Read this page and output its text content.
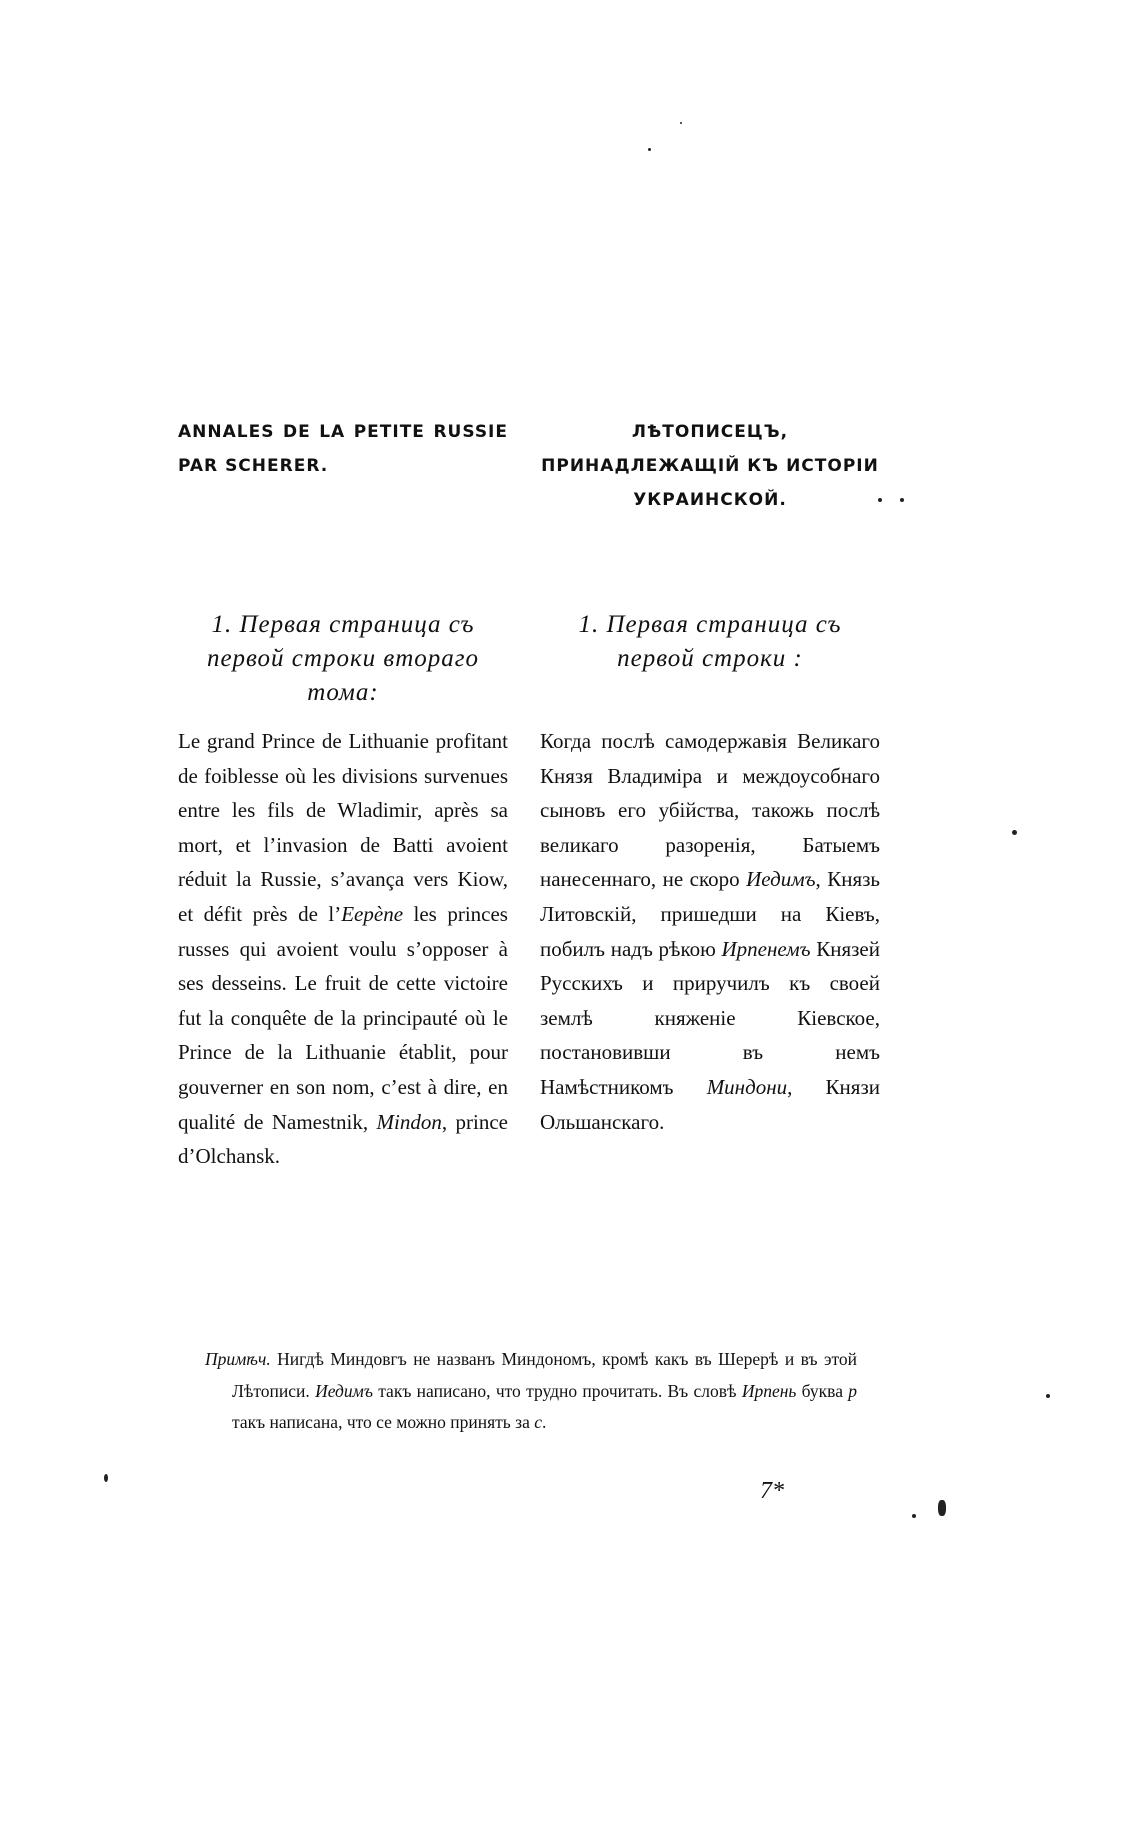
ANNALES DE LA PETITE RUSSIE PAR SCHERER.
ЛѢТОПИСЕЦЪ, ПРИНАДЛЕЖАЩІЙ КЪ ИСТОРІИ УКРАИНСКОЙ.
1. Первая страница съ первой строки втораго тома:
1. Первая страница съ первой строки :
Le grand Prince de Lithuanie profitant de foiblesse où les divisions survenues entre les fils de Wladimir, après sa mort, et l’invasion de Batti avoient réduit la Russie, s’avança vers Kiow, et défit près de l’Eepène les princes russes qui avoient voulu s’opposer à ses desseins. Le fruit de cette victoire fut la conquête de la principauté où le Prince de la Lithuanie établit, pour gouverner en son nom, c’est à dire, en qualité de Namestnik, Mindon, prince d’Olchansk.
Когда послѣ самодержавія Великаго Князя Владиміра и междоусобнаго сыновъ его убійства, такожь послѣ великаго разоренія, Батыемъ нанесеннаго, не скоро Иедимъ, Князь Литовскій, пришедши на Кіевъ, побилъ надъ рѣкою Ирпенемъ Князей Русскихъ и приручилъ къ своей землѣ княженіе Кіевское, постановивши въ немъ Намѣстникомъ Миндони, Князи Ольшанскаго.
Примѣч. Нигдѣ Миндовгъ не названъ Миндономъ, кромѣ какъ въ Шерерѣ и въ этой Лѣтописи. Иедимъ такъ написано, что трудно прочитать. Въ словѣ Ирпень буква р такъ написана, что се можно принять за с.
7*
